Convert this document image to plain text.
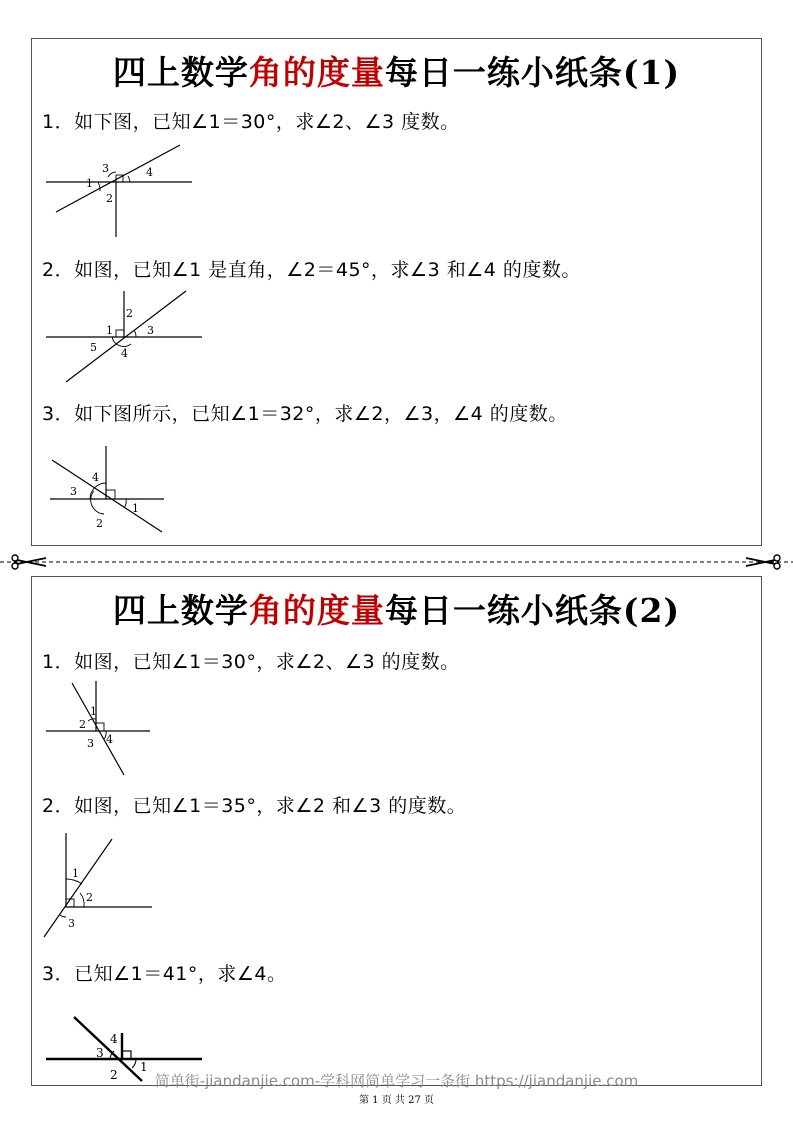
四上数学角的度量每日一练小纸条(1)
1．如下图，已知∠1＝30°，求∠2、∠3 度数。
1
2
3	4
2．如图，已知∠1 是直角，∠2＝45°，求∠3 和∠4 的度数。
1
2
3
4
5
3．如下图所示，已知∠1＝32°，求∠2，∠3，∠4 的度数。
1
2
3
4
四上数学角的度量每日一练小纸条(2)
1．如图，已知∠1＝30°，求∠2、∠3 的度数。
1
2
3 4
2．如图，已知∠1＝35°，求∠2 和∠3 的度数。
1
2
3
3．已知∠1＝41°，求∠4。
1
2
3
4
简单街-jiandanjie.com-学科网简单学习一条街 https://jiandanjie.com
第 1 页 共 27 页
